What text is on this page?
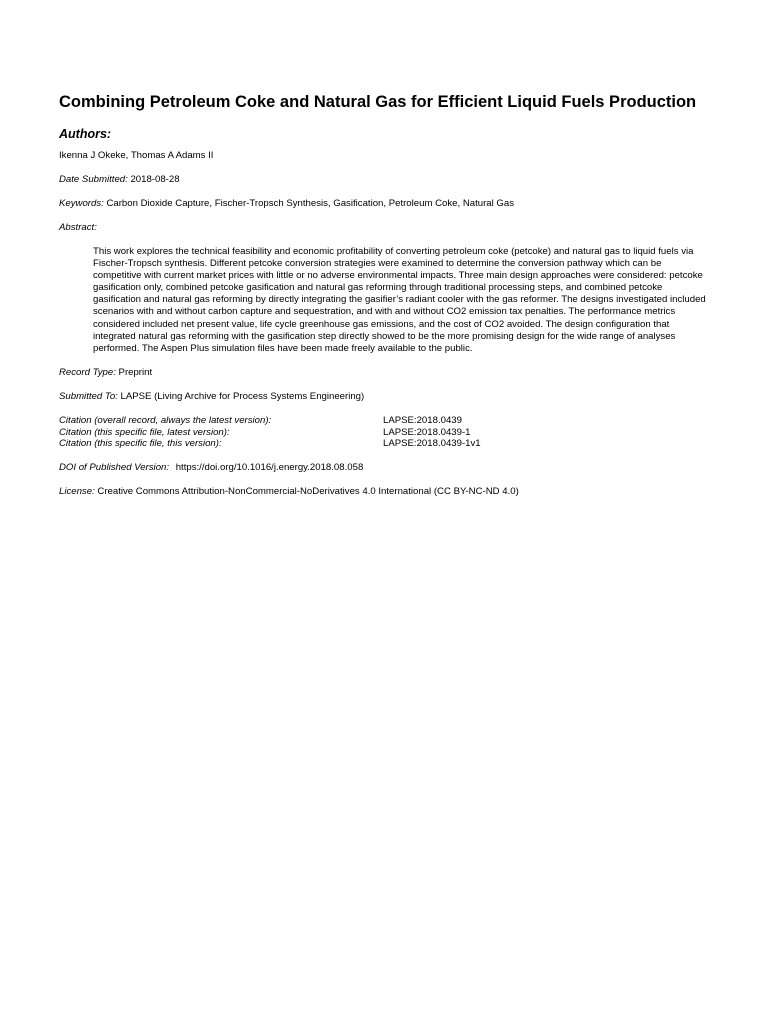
Combining Petroleum Coke and Natural Gas for Efficient Liquid Fuels Production
Authors:
Ikenna J Okeke, Thomas A Adams II
Date Submitted: 2018-08-28
Keywords: Carbon Dioxide Capture, Fischer-Tropsch Synthesis, Gasification, Petroleum Coke, Natural Gas
Abstract:
This work explores the technical feasibility and economic profitability of converting petroleum coke (petcoke) and natural gas to liquid fuels via Fischer-Tropsch synthesis. Different petcoke conversion strategies were examined to determine the conversion pathway which can be competitive with current market prices with little or no adverse environmental impacts. Three main design approaches were considered: petcoke gasification only, combined petcoke gasification and natural gas reforming through traditional processing steps, and combined petcoke gasification and natural gas reforming by directly integrating the gasifier’s radiant cooler with the gas reformer. The designs investigated included scenarios with and without carbon capture and sequestration, and with and without CO2 emission tax penalties. The performance metrics considered included net present value, life cycle greenhouse gas emissions, and the cost of CO2 avoided. The design configuration that integrated natural gas reforming with the gasification step directly showed to be the more promising design for the wide range of analyses performed. The Aspen Plus simulation files have been made freely available to the public.
Record Type: Preprint
Submitted To: LAPSE (Living Archive for Process Systems Engineering)
Citation (overall record, always the latest version):	LAPSE:2018.0439
Citation (this specific file, latest version):	LAPSE:2018.0439-1
Citation (this specific file, this version):	LAPSE:2018.0439-1v1
DOI of Published Version: https://doi.org/10.1016/j.energy.2018.08.058
License: Creative Commons Attribution-NonCommercial-NoDerivatives 4.0 International (CC BY-NC-ND 4.0)
